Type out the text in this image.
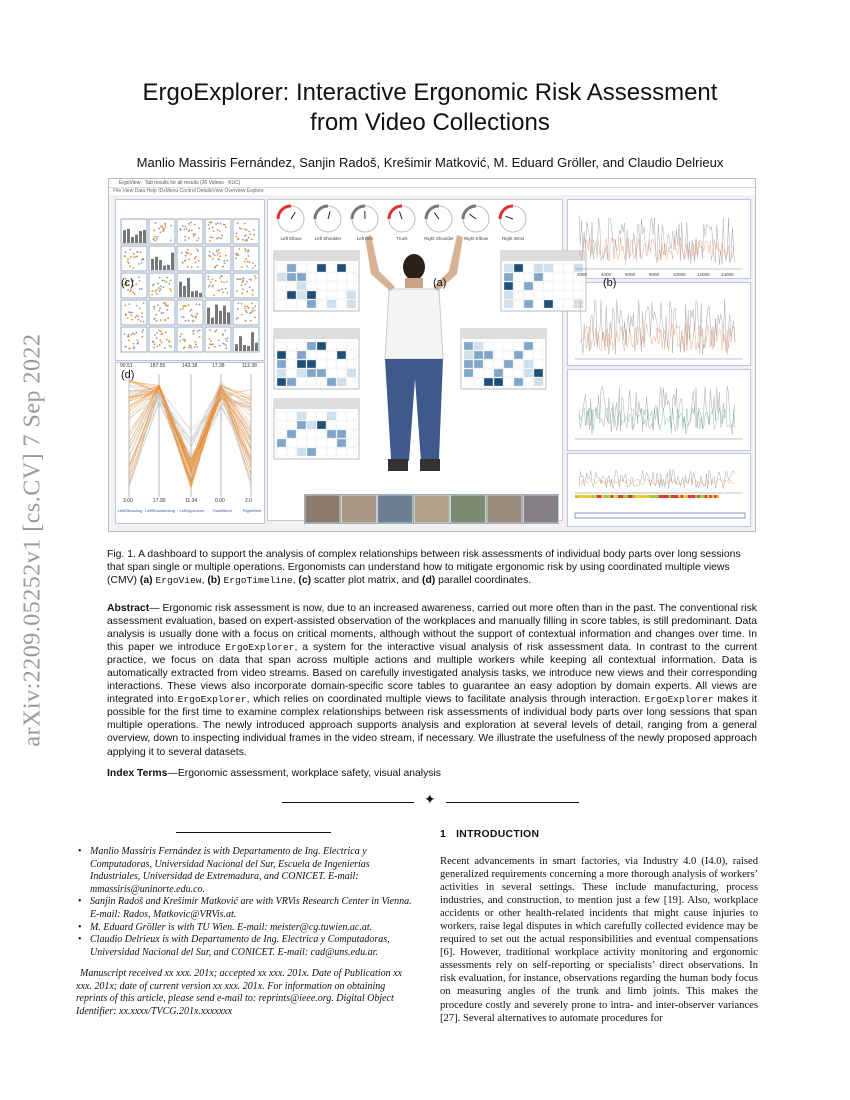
arXiv:2209.05252v1 [cs.CV] 7 Sep 2022
ErgoExplorer: Interactive Ergonomic Risk Assessment
from Video Collections
Manlio Massiris Fernández, Sanjin Radoš, Krešimir Matković, M. Eduard Gröller, and Claudio Delrieux
ErgoView · Tab results for all results (26 Videos · KUC)
File View Data Help IDxMenu Control DetailsView Overview Explore
(c)
(d)
(a)	(b)
Left Elbow	Left Shoulder	Left Arm	Trunk	Right Shoulder	Right Elbow	Right Wrist
90.51	187.55	143.18	17.38	112.38
3.00	17.90	11.34	0.00	2.0
LeftElbowAng LeftShoulderAng	LeftUpperArm	TrunkBend	RightWrist
2000	4000	6000	8000	10000	12000	14000
Fig. 1. A dashboard to support the analysis of complex relationships between risk assessments of individual body parts over long sessions that span single or multiple operations. Ergonomists can understand how to mitigate ergonomic risk by using coordinated multiple views (CMV) (a) ErgoView, (b) ErgoTimeline, (c) scatter plot matrix, and (d) parallel coordinates.
Abstract— Ergonomic risk assessment is now, due to an increased awareness, carried out more often than in the past. The conventional risk assessment evaluation, based on expert-assisted observation of the workplaces and manually filling in score tables, is still predominant. Data analysis is usually done with a focus on critical moments, although without the support of contextual information and changes over time. In this paper we introduce ErgoExplorer, a system for the interactive visual analysis of risk assessment data. In contrast to the current practice, we focus on data that span across multiple actions and multiple workers while keeping all contextual information. Data is automatically extracted from video streams. Based on carefully investigated analysis tasks, we introduce new views and their corresponding interactions. These views also incorporate domain-specific score tables to guarantee an easy adoption by domain experts. All views are integrated into ErgoExplorer, which relies on coordinated multiple views to facilitate analysis through interaction. ErgoExplorer makes it possible for the first time to examine complex relationships between risk assessments of individual body parts over long sessions that span multiple operations. The newly introduced approach supports analysis and exploration at several levels of detail, ranging from a general overview, down to inspecting individual frames in the video stream, if necessary. We illustrate the usefulness of the newly proposed approach applying it to several datasets.
Index Terms—Ergonomic assessment, workplace safety, visual analysis
✦
• Manlio Massiris Fernández is with Departamento de Ing. Electrica y Computadoras, Universidad Nacional del Sur, Escuela de Ingenierías Industriales, Universidad de Extremadura, and CONICET. E-mail: mmassiris@uninorte.edu.co.
• Sanjin Radoš and Krešimir Matković are with VRVis Research Center in Vienna. E-mail: Rados, Matkovic@VRVis.at.
• M. Eduard Gröller is with TU Wien. E-mail: meister@cg.tuwien.ac.at.
• Claudio Delrieux is with Departamento de Ing. Electrica y Computadoras, Universidad Nacional del Sur, and CONICET. E-mail: cad@uns.edu.ar.
Manuscript received xx xxx. 201x; accepted xx xxx. 201x. Date of Publication xx xxx. 201x; date of current version xx xxx. 201x. For information on obtaining reprints of this article, please send e-mail to: reprints@ieee.org. Digital Object Identifier: xx.xxxx/TVCG.201x.xxxxxxx
1 INTRODUCTION
Recent advancements in smart factories, via Industry 4.0 (I4.0), raised generalized requirements concerning a more thorough analysis of workers’ activities in several settings. These include manufacturing, process industries, and construction, to mention just a few [19]. Also, workplace accidents or other health-related incidents that might cause injuries to workers, raise legal disputes in which carefully collected evidence may be required to set out the actual responsibilities and eventual compensations [6]. However, traditional workplace activity monitoring and ergonomic assessments rely on self-reporting or specialists’ direct observations. In risk evaluation, for instance, observations regarding the human body focus on measuring angles of the trunk and limb joints. This makes the procedure costly and severely prone to intra- and inter-observer variances [27]. Several alternatives to automate procedures for
